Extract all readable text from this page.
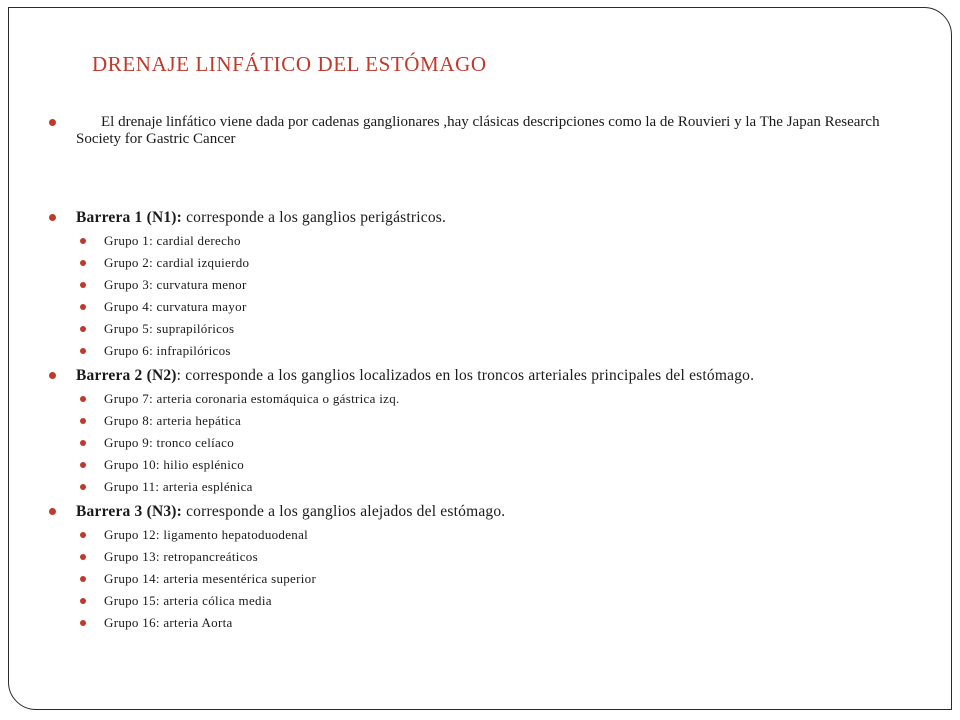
DRENAJE LINFÁTICO DEL ESTÓMAGO
El drenaje linfático viene dada por cadenas ganglionares ,hay clásicas descripciones como la de Rouvieri y la The Japan Research Society for Gastric Cancer
Barrera 1 (N1): corresponde a los ganglios perigástricos.
Grupo 1: cardial derecho
Grupo 2: cardial izquierdo
Grupo 3: curvatura menor
Grupo 4: curvatura mayor
Grupo 5: suprapilóricos
Grupo 6: infrapilóricos
Barrera 2 (N2): corresponde a los ganglios localizados en los troncos arteriales principales del estómago.
Grupo 7: arteria coronaria estomáquica o gástrica izq.
Grupo 8: arteria hepática
Grupo 9: tronco celíaco
Grupo 10: hilio esplénico
Grupo 11: arteria esplénica
Barrera 3 (N3): corresponde a los ganglios alejados del estómago.
Grupo 12: ligamento hepatoduodenal
Grupo 13: retropancreáticos
Grupo 14: arteria mesentérica superior
Grupo 15: arteria cólica media
Grupo 16: arteria Aorta
